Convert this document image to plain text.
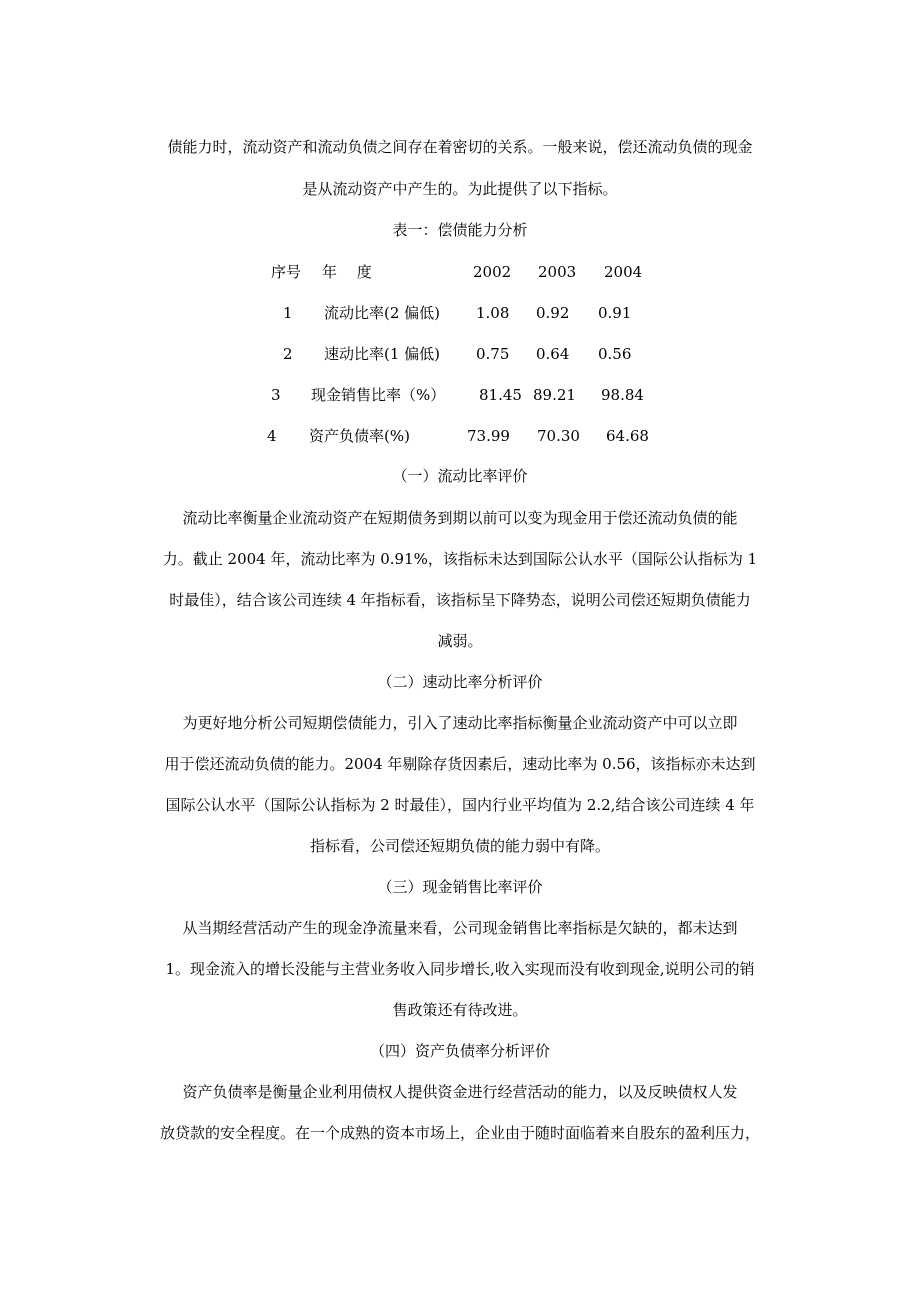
债能力时，流动资产和流动负债之间存在着密切的关系。一般来说，偿还流动负债的现金
是从流动资产中产生的。为此提供了以下指标。
表一：偿债能力分析
序号 年　 度	2002 2003 2004
1 流动比率(2 偏低) 1.08 0.92 0.91
2 速动比率(1 偏低) 0.75 0.64 0.56
3 现金销售比率（%） 81.45 89.21 98.84
4 资产负债率(%)	73.99 70.30 64.68
（一）流动比率评价
流动比率衡量企业流动资产在短期债务到期以前可以变为现金用于偿还流动负债的能
力。截止 2004 年，流动比率为 0.91%，该指标未达到国际公认水平（国际公认指标为 1
时最佳），结合该公司连续 4 年指标看，该指标呈下降势态，说明公司偿还短期负债能力
减弱。
（二）速动比率分析评价
为更好地分析公司短期偿债能力，引入了速动比率指标衡量企业流动资产中可以立即
用于偿还流动负债的能力。2004 年剔除存货因素后，速动比率为 0.56，该指标亦未达到
国际公认水平（国际公认指标为 2 时最佳），国内行业平均值为 2.2,结合该公司连续 4 年
指标看，公司偿还短期负债的能力弱中有降。
（三）现金销售比率评价
从当期经营活动产生的现金净流量来看，公司现金销售比率指标是欠缺的，都未达到
1。现金流入的增长没能与主营业务收入同步增长,收入实现而没有收到现金,说明公司的销
售政策还有待改进。
（四）资产负债率分析评价
资产负债率是衡量企业利用债权人提供资金进行经营活动的能力，以及反映债权人发
放贷款的安全程度。在一个成熟的资本市场上，企业由于随时面临着来自股东的盈利压力，
